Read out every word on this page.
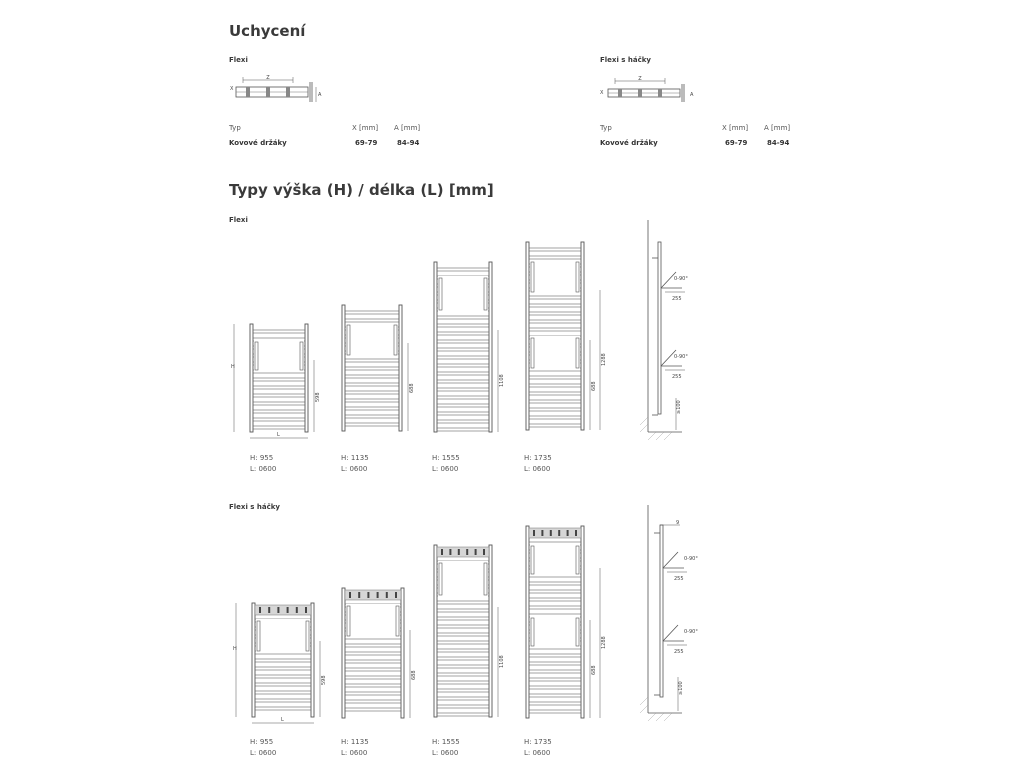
Uchycení
Flexi	Flexi s háčky
Z
X
A
Z
X	A
Typ	X [mm] A [mm]
Kovové držáky	69-79	84-94
Typ	X [mm] A [mm]
Kovové držáky	69-79	84-94
Typy výška (H) / délka (L) [mm]
Flexi
Flexi s háčky
598
H
L
688
1108	688
1288
H: 955
L: 0600
H: 1135
L: 0600
H: 1555
L: 0600
H: 1735
L: 0600
0-90°
0-90°
255
255
≥100
598
H
L
688
1108
688
1288
H: 955
L: 0600
H: 1135
L: 0600
H: 1555
L: 0600
H: 1735
L: 0600
9
0-90°
0-90°
255
255
≥100
